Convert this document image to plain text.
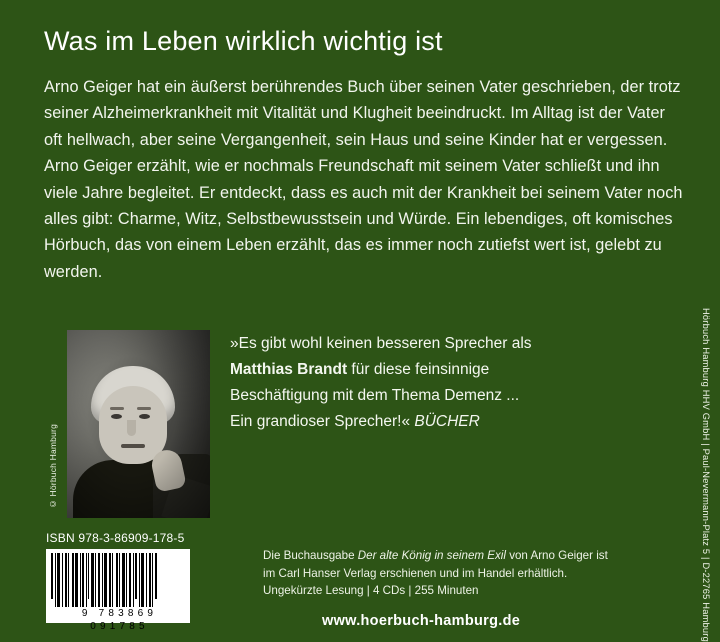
Was im Leben wirklich wichtig ist
Arno Geiger hat ein äußerst berührendes Buch über seinen Vater geschrieben, der trotz seiner Alzheimerkrankheit mit Vitalität und Klugheit beeindruckt. Im Alltag ist der Vater oft hellwach, aber seine Vergangenheit, sein Haus und seine Kinder hat er vergessen. Arno Geiger erzählt, wie er nochmals Freundschaft mit seinem Vater schließt und ihn viele Jahre begleitet. Er entdeckt, dass es auch mit der Krankheit bei seinem Vater noch alles gibt: Charme, Witz, Selbstbewusstsein und Würde. Ein lebendiges, oft komisches Hörbuch, das von einem Leben erzählt, das es immer noch zutiefst wert ist, gelebt zu werden.
© Hörbuch Hamburg
»Es gibt wohl keinen besseren Sprecher als
Matthias Brandt für diese feinsinnige
Beschäftigung mit dem Thema Demenz ...
Ein grandioser Sprecher!« BÜCHER
ISBN 978-3-86909-178-5
9 783869 091785
Die Buchausgabe Der alte König in seinem Exil von Arno Geiger ist
im Carl Hanser Verlag erschienen und im Handel erhältlich.
Ungekürzte Lesung | 4 CDs | 255 Minuten
www.hoerbuch-hamburg.de	Hörbuch Hamburg HHV GmbH | Paul-Nevermann-Platz 5 | D-22765 Hamburg
